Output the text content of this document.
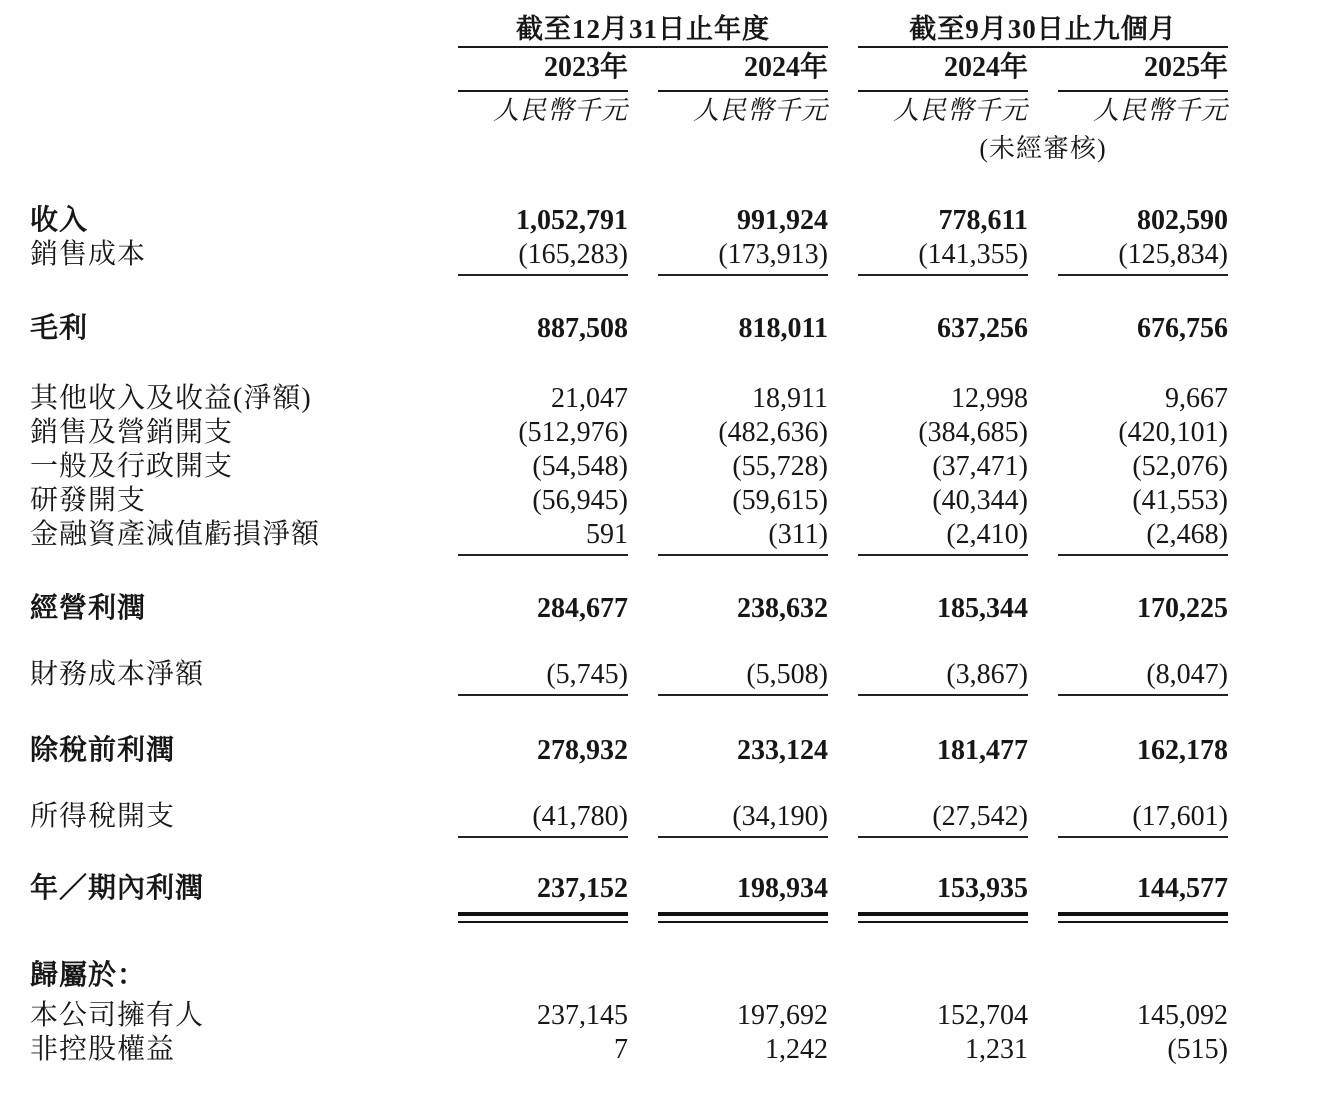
截至12月31日止年度	截至9月30日止九個月
2023年	2024年	2024年	2025年
人民幣千元	人民幣千元	人民幣千元	人民幣千元
(未經審核)
收入	1,052,791	991,924	778,611	802,590
銷售成本	(165,283)	(173,913)	(141,355)	(125,834)
毛利	887,508	818,011	637,256	676,756
其他收入及收益(淨額)	21,047	18,911	12,998	9,667
銷售及營銷開支	(512,976)	(482,636)	(384,685)	(420,101)
一般及行政開支	(54,548)	(55,728)	(37,471)	(52,076)
研發開支	(56,945)	(59,615)	(40,344)	(41,553)
金融資產減值虧損淨額	591	(311)	(2,410)	(2,468)
經營利潤	284,677	238,632	185,344	170,225
財務成本淨額	(5,745)	(5,508)	(3,867)	(8,047)
除稅前利潤	278,932	233,124	181,477	162,178
所得稅開支	(41,780)	(34,190)	(27,542)	(17,601)
年／期內利潤	237,152	198,934	153,935	144,577
歸屬於：
本公司擁有人	237,145	197,692	152,704	145,092
非控股權益	7	1,242	1,231	(515)
